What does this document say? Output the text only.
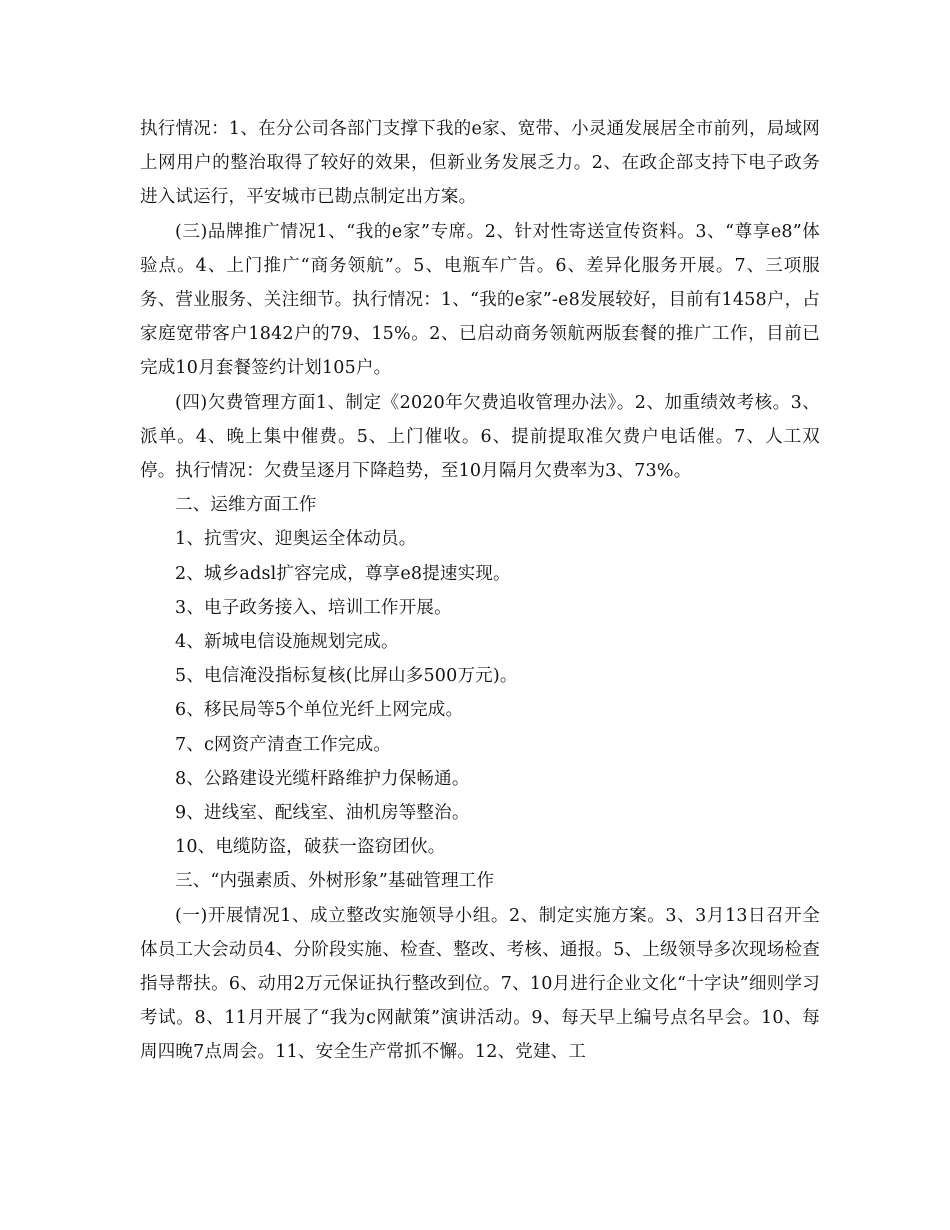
执行情况：1、在分公司各部门支撑下我的e家、宽带、小灵通发展居全市前列，局域网上网用户的整治取得了较好的效果，但新业务发展乏力。2、在政企部支持下电子政务进入试运行，平安城市已勘点制定出方案。

(三)品牌推广情况1、“我的e家”专席。2、针对性寄送宣传资料。3、“尊享e8”体验点。4、上门推广“商务领航”。5、电瓶车广告。6、差异化服务开展。7、三项服务、营业服务、关注细节。执行情况：1、“我的e家”-e8发展较好，目前有1458户，占家庭宽带客户1842户的79、15%。2、已启动商务领航两版套餐的推广工作，目前已完成10月套餐签约计划105户。

(四)欠费管理方面1、制定《2020年欠费追收管理办法》。2、加重绩效考核。3、派单。4、晚上集中催费。5、上门催收。6、提前提取准欠费户电话催。7、人工双停。执行情况：欠费呈逐月下降趋势，至10月隔月欠费率为3、73%。

二、运维方面工作

1、抗雪灾、迎奥运全体动员。

2、城乡adsl扩容完成，尊享e8提速实现。

3、电子政务接入、培训工作开展。

4、新城电信设施规划完成。

5、电信淹没指标复核(比屏山多500万元)。

6、移民局等5个单位光纤上网完成。

7、c网资产清查工作完成。

8、公路建设光缆杆路维护力保畅通。

9、进线室、配线室、油机房等整治。

10、电缆防盗，破获一盗窃团伙。

三、“内强素质、外树形象”基础管理工作

(一)开展情况1、成立整改实施领导小组。2、制定实施方案。3、3月13日召开全体员工大会动员4、分阶段实施、检查、整改、考核、通报。5、上级领导多次现场检查指导帮扶。6、动用2万元保证执行整改到位。7、10月进行企业文化“十字诀”细则学习考试。8、11月开展了“我为c网献策”演讲活动。9、每天早上编号点名早会。10、每周四晚7点周会。11、安全生产常抓不懈。12、党建、工
